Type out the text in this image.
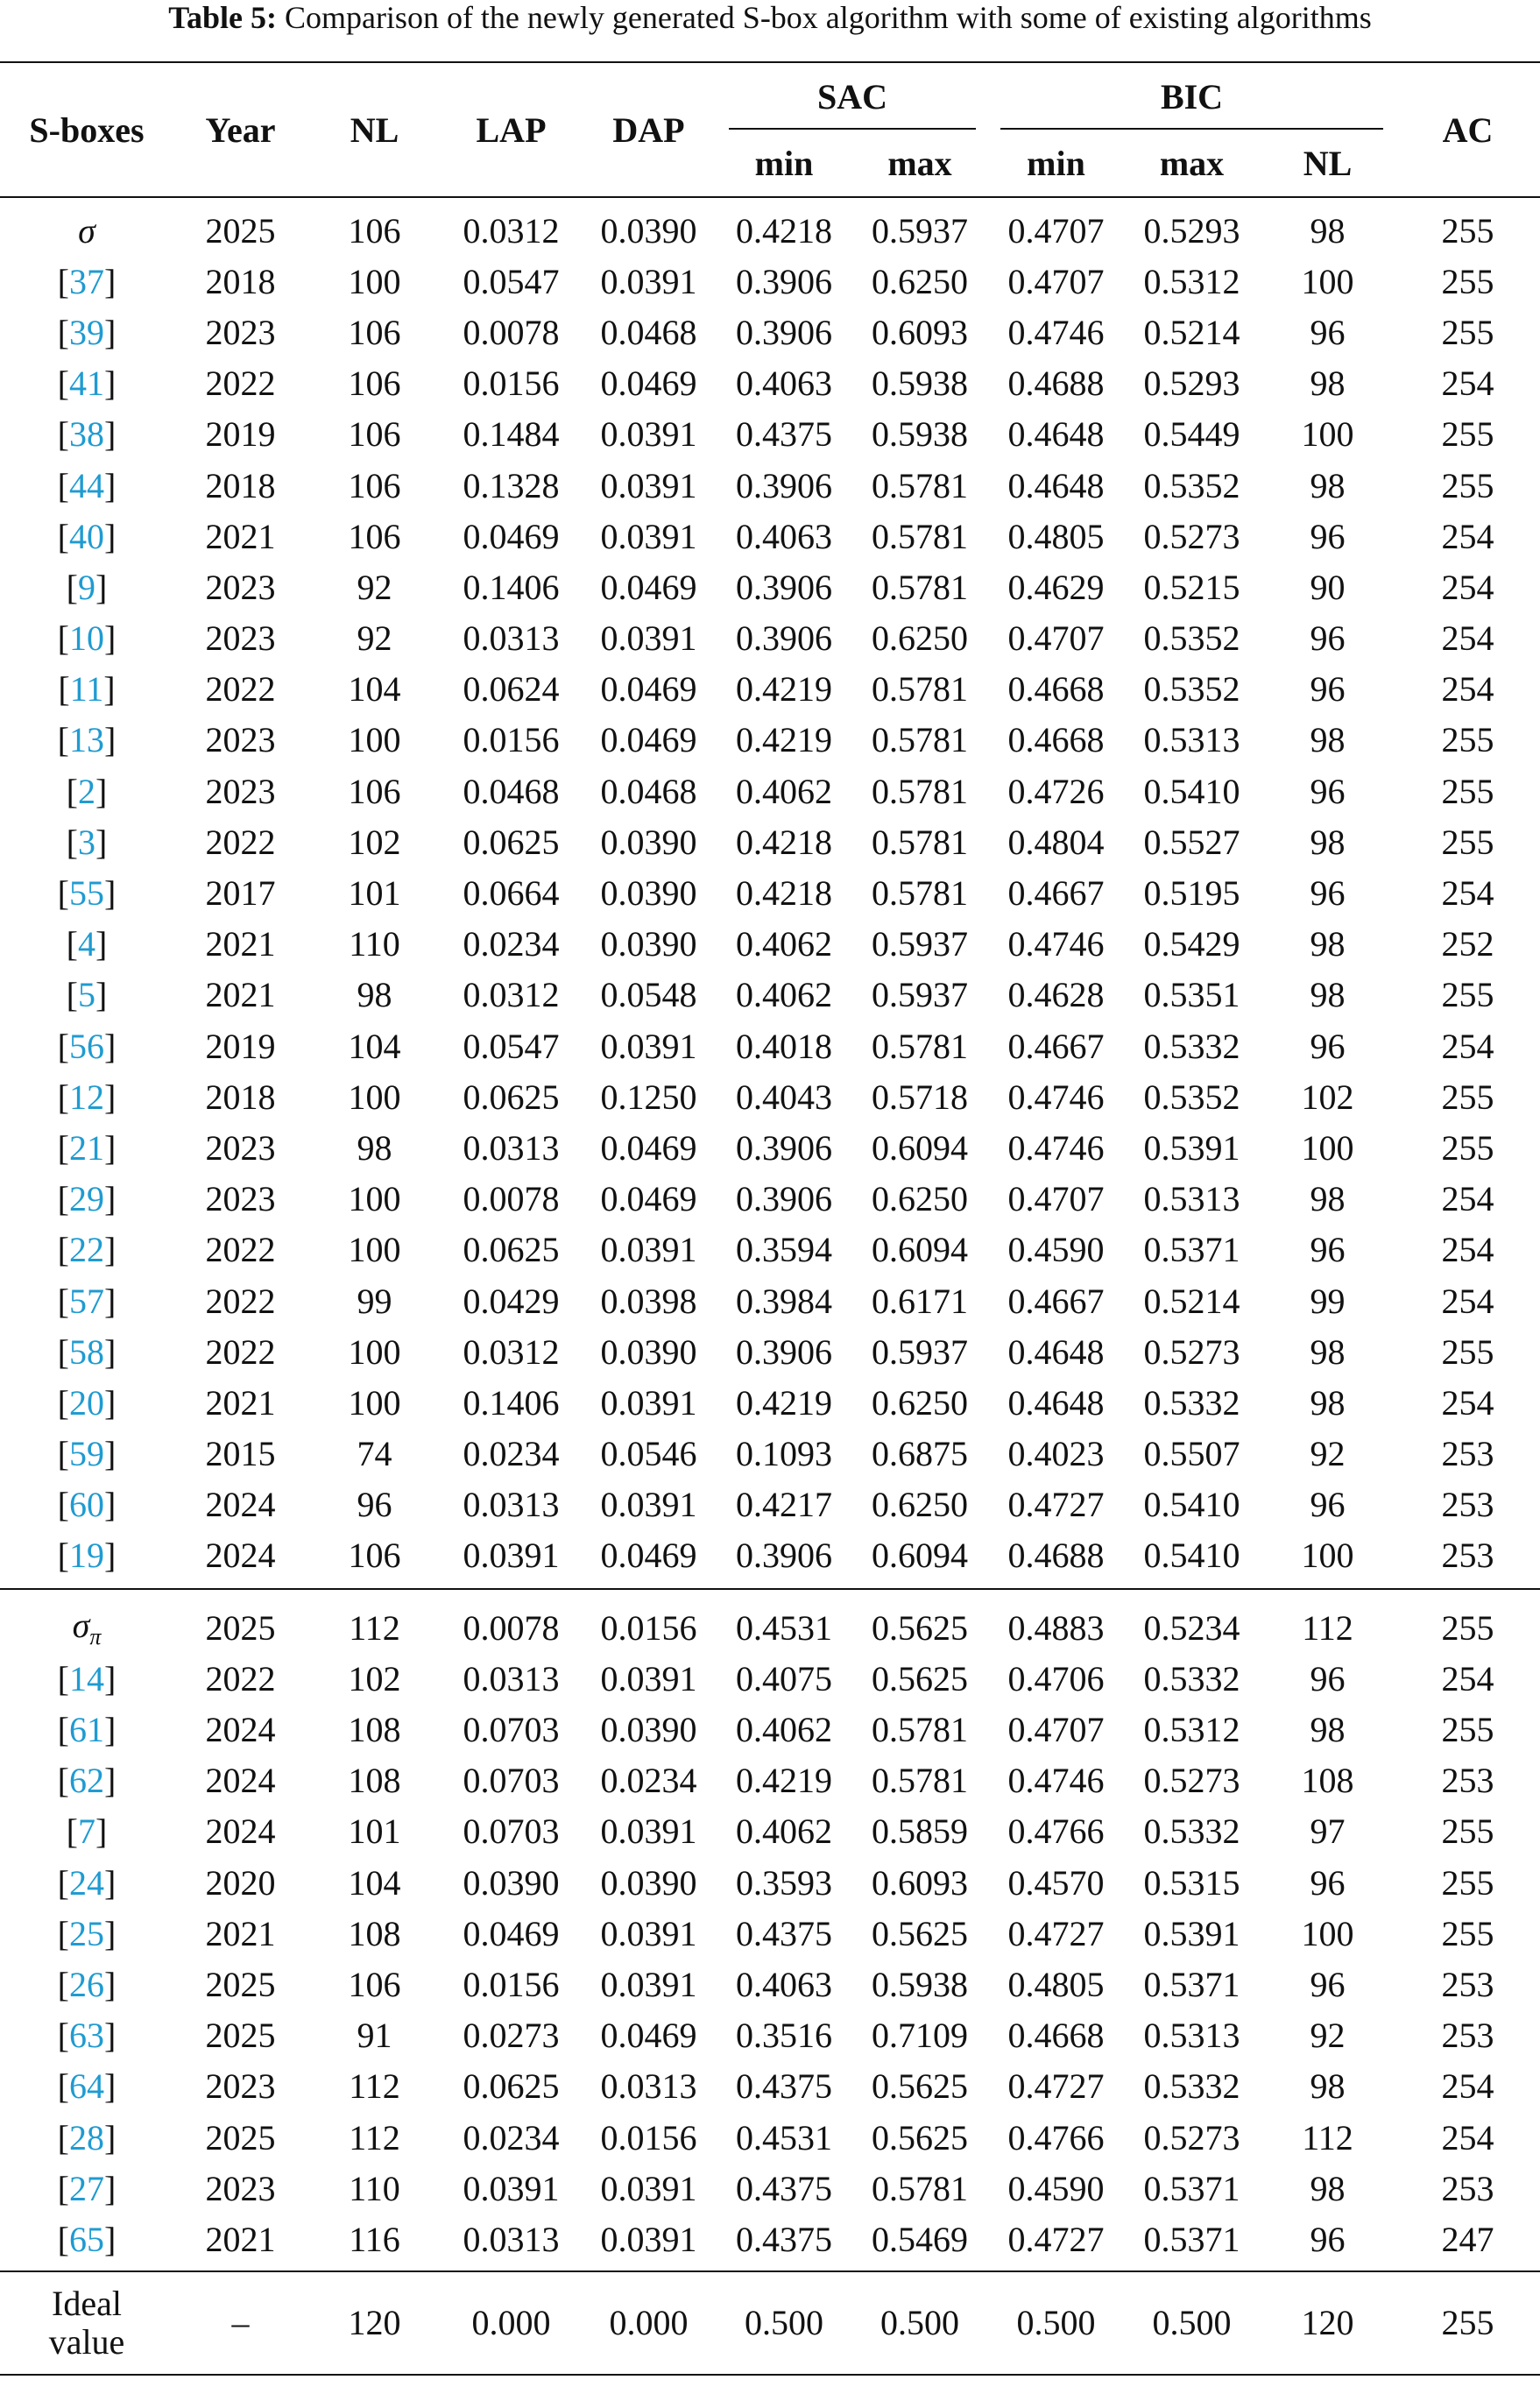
Table 5: Comparison of the newly generated S-box algorithm with some of existing algorithms
S-boxes	Year	NL	LAP	DAP	SAC		BIC			AC
					min	max	min	max	NL	
σ	2025	106	0.0312	0.0390	0.4218	0.5937	0.4707	0.5293	98	255
[37]	2018	100	0.0547	0.0391	0.3906	0.6250	0.4707	0.5312	100	255
[39]	2023	106	0.0078	0.0468	0.3906	0.6093	0.4746	0.5214	96	255
[41]	2022	106	0.0156	0.0469	0.4063	0.5938	0.4688	0.5293	98	254
[38]	2019	106	0.1484	0.0391	0.4375	0.5938	0.4648	0.5449	100	255
[44]	2018	106	0.1328	0.0391	0.3906	0.5781	0.4648	0.5352	98	255
[40]	2021	106	0.0469	0.0391	0.4063	0.5781	0.4805	0.5273	96	254
[9]	2023	92	0.1406	0.0469	0.3906	0.5781	0.4629	0.5215	90	254
[10]	2023	92	0.0313	0.0391	0.3906	0.6250	0.4707	0.5352	96	254
[11]	2022	104	0.0624	0.0469	0.4219	0.5781	0.4668	0.5352	96	254
[13]	2023	100	0.0156	0.0469	0.4219	0.5781	0.4668	0.5313	98	255
[2]	2023	106	0.0468	0.0468	0.4062	0.5781	0.4726	0.5410	96	255
[3]	2022	102	0.0625	0.0390	0.4218	0.5781	0.4804	0.5527	98	255
[55]	2017	101	0.0664	0.0390	0.4218	0.5781	0.4667	0.5195	96	254
[4]	2021	110	0.0234	0.0390	0.4062	0.5937	0.4746	0.5429	98	252
[5]	2021	98	0.0312	0.0548	0.4062	0.5937	0.4628	0.5351	98	255
[56]	2019	104	0.0547	0.0391	0.4018	0.5781	0.4667	0.5332	96	254
[12]	2018	100	0.0625	0.1250	0.4043	0.5718	0.4746	0.5352	102	255
[21]	2023	98	0.0313	0.0469	0.3906	0.6094	0.4746	0.5391	100	255
[29]	2023	100	0.0078	0.0469	0.3906	0.6250	0.4707	0.5313	98	254
[22]	2022	100	0.0625	0.0391	0.3594	0.6094	0.4590	0.5371	96	254
[57]	2022	99	0.0429	0.0398	0.3984	0.6171	0.4667	0.5214	99	254
[58]	2022	100	0.0312	0.0390	0.3906	0.5937	0.4648	0.5273	98	255
[20]	2021	100	0.1406	0.0391	0.4219	0.6250	0.4648	0.5332	98	254
[59]	2015	74	0.0234	0.0546	0.1093	0.6875	0.4023	0.5507	92	253
[60]	2024	96	0.0313	0.0391	0.4217	0.6250	0.4727	0.5410	96	253
[19]	2024	106	0.0391	0.0469	0.3906	0.6094	0.4688	0.5410	100	253
$\sigma_\pi$	2025	112	0.0078	0.0156	0.4531	0.5625	0.4883	0.5234	112	255
[14]	2022	102	0.0313	0.0391	0.4075	0.5625	0.4706	0.5332	96	254
[61]	2024	108	0.0703	0.0390	0.4062	0.5781	0.4707	0.5312	98	255
[62]	2024	108	0.0703	0.0234	0.4219	0.5781	0.4746	0.5273	108	253
[7]	2024	101	0.0703	0.0391	0.4062	0.5859	0.4766	0.5332	97	255
[24]	2020	104	0.0390	0.0390	0.3593	0.6093	0.4570	0.5315	96	255
[25]	2021	108	0.0469	0.0391	0.4375	0.5625	0.4727	0.5391	100	255
[26]	2025	106	0.0156	0.0391	0.4063	0.5938	0.4805	0.5371	96	253
[63]	2025	91	0.0273	0.0469	0.3516	0.7109	0.4668	0.5313	92	253
[64]	2023	112	0.0625	0.0313	0.4375	0.5625	0.4727	0.5332	98	254
[28]	2025	112	0.0234	0.0156	0.4531	0.5625	0.4766	0.5273	112	254
[27]	2023	110	0.0391	0.0391	0.4375	0.5781	0.4590	0.5371	98	253
[65]	2021	116	0.0313	0.0391	0.4375	0.5469	0.4727	0.5371	96	247
Ideal
value	–	120	0.000	0.000	0.500	0.500	0.500	0.500	120	255
